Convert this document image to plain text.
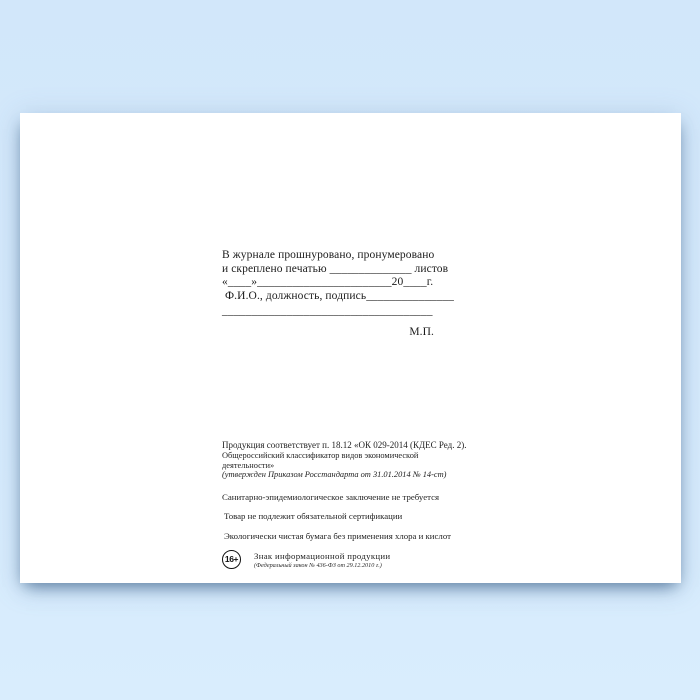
В журнале прошнуровано, пронумеровано

и скреплено печатью ______________ листов

«____»_______________________20____г.

Ф.И.О., должность, подпись_______________

____________________________________

М.П.

Продукция соответствует п. 18.12 «ОК 029-2014 (КДЕС Ред. 2).

Общероссийский классификатор видов экономической деятельности»

(утвержден Приказом Росстандарта от 31.01.2014 № 14-ст)

Санитарно-эпидемиологическое заключение не требуется

Товар не подлежит обязательной сертификации

Экологически чистая бумага без применения хлора и кислот

16+	Знак информационной продукции

(Федеральный закон № 436-ФЗ от 29.12.2010 г.)
